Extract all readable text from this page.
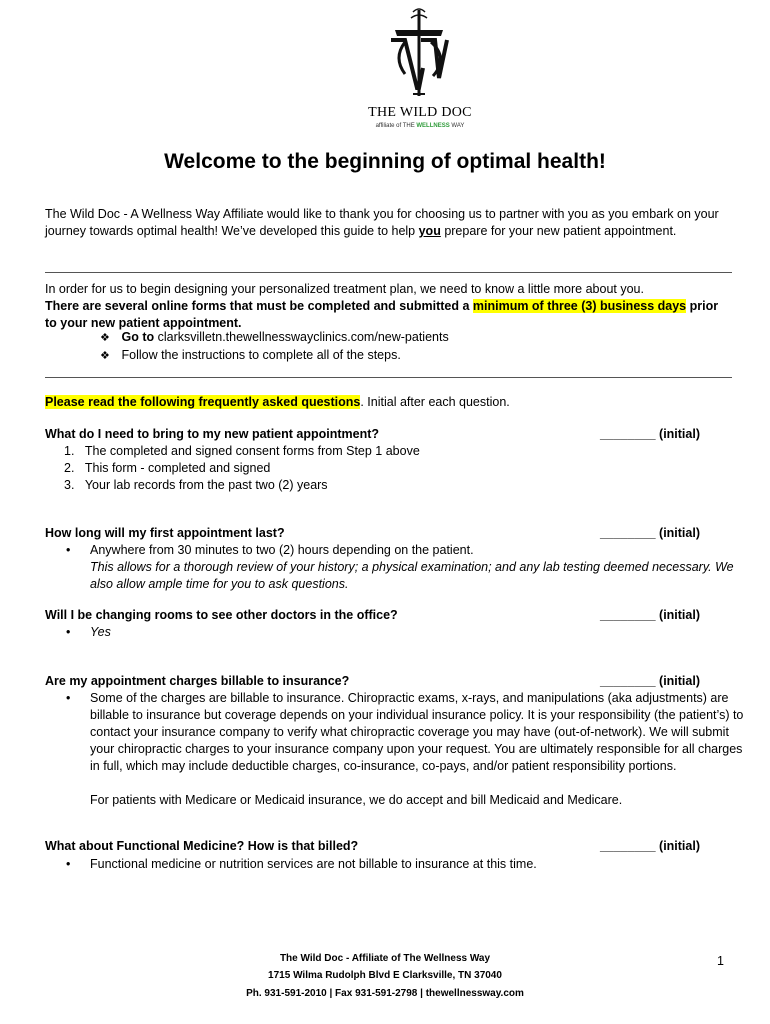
THE WILD DOC
affiliate of THE WELLNESS WAY
Welcome to the beginning of optimal health!

The Wild Doc - A Wellness Way Affiliate would like to thank you for choosing us to partner with you as you embark on your journey towards optimal health! We’ve developed this guide to help you prepare for your new patient appointment.

In order for us to begin designing your personalized treatment plan, we need to know a little more about you.
There are several online forms that must be completed and submitted a minimum of three (3) business days prior to your new patient appointment.

❖ Go to clarksvilletn.thewellnesswayclinics.com/new-patients
❖ Follow the instructions to complete all of the steps.
Please read the following frequently asked questions. Initial after each question.
What do I need to bring to my new patient appointment?	________ (initial)
1. The completed and signed consent forms from Step 1 above
2. This form - completed and signed
3. Your lab records from the past two (2) years
How long will my first appointment last?	________ (initial)
• Anywhere from 30 minutes to two (2) hours depending on the patient.
This allows for a thorough review of your history; a physical examination; and any lab testing deemed necessary. We also allow ample time for you to ask questions.
Will I be changing rooms to see other doctors in the office?	________ (initial)
• Yes
Are my appointment charges billable to insurance?	________ (initial)
• Some of the charges are billable to insurance. Chiropractic exams, x-rays, and manipulations (aka adjustments) are billable to insurance but coverage depends on your individual insurance policy. It is your responsibility (the patient’s) to contact your insurance company to verify what chiropractic coverage you may have (out-of-network). We will submit your chiropractic charges to your insurance company upon your request. You are ultimately responsible for all charges in full, which may include deductible charges, co-insurance, co-pays, and/or patient responsibility portions.
For patients with Medicare or Medicaid insurance, we do accept and bill Medicaid and Medicare.
What about Functional Medicine? How is that billed?	________ (initial)
• Functional medicine or nutrition services are not billable to insurance at this time.
The Wild Doc - Affiliate of The Wellness Way
1715 Wilma Rudolph Blvd E Clarksville, TN 37040
Ph. 931-591-2010 | Fax 931-591-2798 | thewellnessway.com
1
